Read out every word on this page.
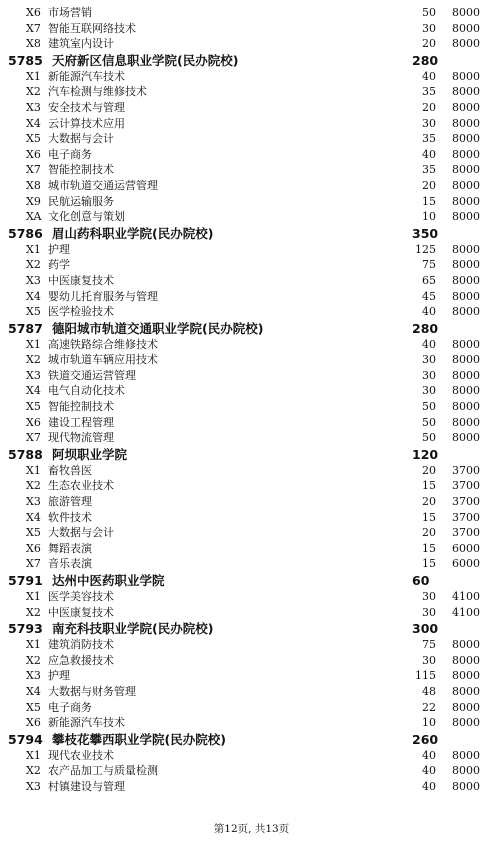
X6 市场营销	50 8000
X7 智能互联网络技术	30 8000
X8 建筑室内设计	20 8000
5785 天府新区信息职业学院(民办院校)	280
X1 新能源汽车技术	40 8000
X2 汽车检测与维修技术	35 8000
X3 安全技术与管理	20 8000
X4 云计算技术应用	30 8000
X5 大数据与会计	35 8000
X6 电子商务	40 8000
X7 智能控制技术	35 8000
X8 城市轨道交通运营管理	20 8000
X9 民航运输服务	15 8000
XA 文化创意与策划	10 8000
5786 眉山药科职业学院(民办院校)	350
X1 护理	125 8000
X2 药学	75 8000
X3 中医康复技术	65 8000
X4 婴幼儿托育服务与管理	45 8000
X5 医学检验技术	40 8000
5787 德阳城市轨道交通职业学院(民办院校)	280
X1 高速铁路综合维修技术	40 8000
X2 城市轨道车辆应用技术	30 8000
X3 铁道交通运营管理	30 8000
X4 电气自动化技术	30 8000
X5 智能控制技术	50 8000
X6 建设工程管理	50 8000
X7 现代物流管理	50 8000
5788 阿坝职业学院	120
X1 畜牧兽医	20 3700
X2 生态农业技术	15 3700
X3 旅游管理	20 3700
X4 软件技术	15 3700
X5 大数据与会计	20 3700
X6 舞蹈表演	15 6000
X7 音乐表演	15 6000
5791 达州中医药职业学院	60
X1 医学美容技术	30 4100
X2 中医康复技术	30 4100
5793 南充科技职业学院(民办院校)	300
X1 建筑消防技术	75 8000
X2 应急救援技术	30 8000
X3 护理	115 8000
X4 大数据与财务管理	48 8000
X5 电子商务	22 8000
X6 新能源汽车技术	10 8000
5794 攀枝花攀西职业学院(民办院校)	260
X1 现代农业技术	40 8000
X2 农产品加工与质量检测	40 8000
X3 村镇建设与管理	40 8000
第12页, 共13页
